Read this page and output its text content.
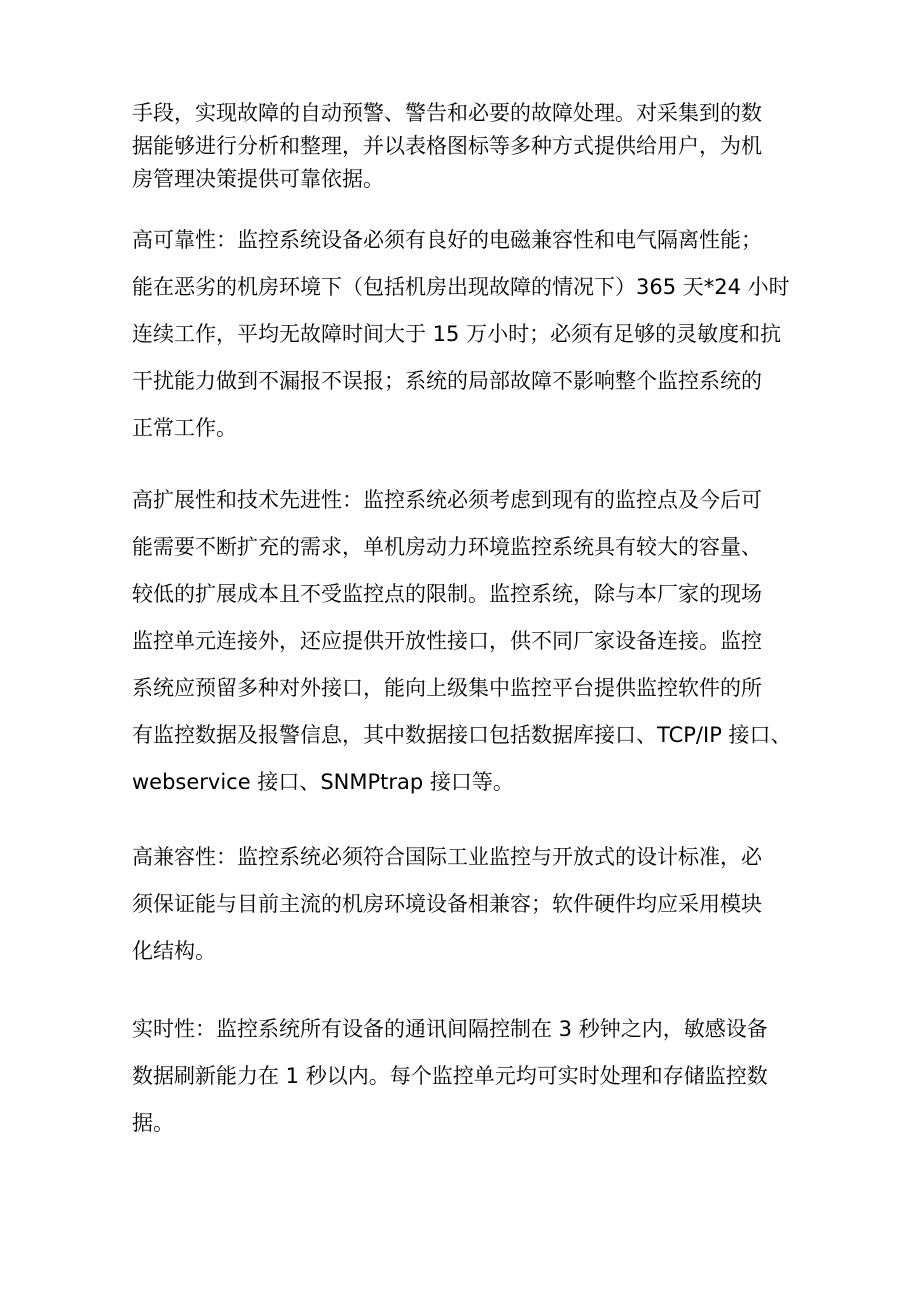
手段，实现故障的自动预警、警告和必要的故障处理。对采集到的数
据能够进行分析和整理，并以表格图标等多种方式提供给用户，为机
房管理决策提供可靠依据。

高可靠性：监控系统设备必须有良好的电磁兼容性和电气隔离性能；
能在恶劣的机房环境下（包括机房出现故障的情况下）365 天*24 小时
连续工作，平均无故障时间大于 15 万小时；必须有足够的灵敏度和抗
干扰能力做到不漏报不误报；系统的局部故障不影响整个监控系统的
正常工作。

高扩展性和技术先进性：监控系统必须考虑到现有的监控点及今后可
能需要不断扩充的需求，单机房动力环境监控系统具有较大的容量、
较低的扩展成本且不受监控点的限制。监控系统，除与本厂家的现场
监控单元连接外，还应提供开放性接口，供不同厂家设备连接。监控
系统应预留多种对外接口，能向上级集中监控平台提供监控软件的所
有监控数据及报警信息，其中数据接口包括数据库接口、TCP/IP 接口、
webservice 接口、SNMPtrap 接口等。

高兼容性：监控系统必须符合国际工业监控与开放式的设计标准，必
须保证能与目前主流的机房环境设备相兼容；软件硬件均应采用模块
化结构。

实时性：监控系统所有设备的通讯间隔控制在 3 秒钟之内，敏感设备
数据刷新能力在 1 秒以内。每个监控单元均可实时处理和存储监控数
据。
